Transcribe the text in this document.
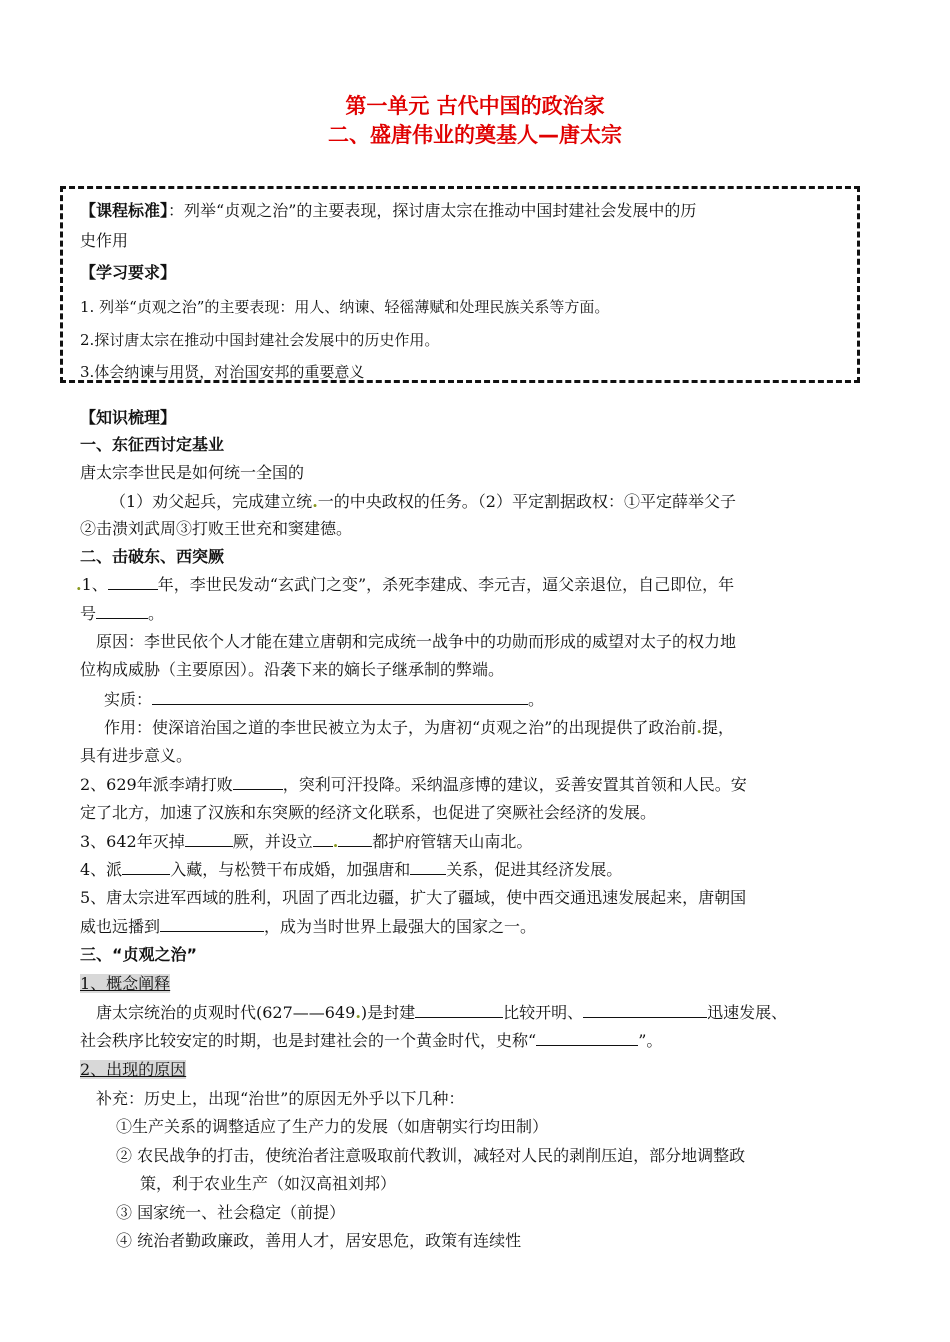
第一单元 古代中国的政治家
二、盛唐伟业的奠基人—唐太宗
【课程标准】：列举“贞观之治”的主要表现，探讨唐太宗在推动中国封建社会发展中的历
史作用
【学习要求】
1. 列举“贞观之治”的主要表现：用人、纳谏、轻徭薄赋和处理民族关系等方面。
2.探讨唐太宗在推动中国封建社会发展中的历史作用。
3.体会纳谏与用贤，对治国安邦的重要意义
【知识梳理】
一、东征西讨定基业
唐太宗李世民是如何统一全国的
（1）劝父起兵，完成建立统.一的中央政权的任务。（2）平定割据政权：①平定薛举父子
②击溃刘武周③打败王世充和窦建德。
二、击破东、西突厥
.1、	年，李世民发动“玄武门之变”，杀死李建成、李元吉，逼父亲退位，自己即位，年
号	。
原因：李世民依个人才能在建立唐朝和完成统一战争中的功勋而形成的威望对太子的权力地
位构成威胁（主要原因）。沿袭下来的嫡长子继承制的弊端。
实质：	。
作用：使深谙治国之道的李世民被立为太子，为唐初“贞观之治”的出现提供了政治前.提，
具有进步意义。
2、629年派李靖打败	，突利可汗投降。采纳温彦博的建议，妥善安置其首领和人民。安
定了北方，加速了汉族和东突厥的经济文化联系，也促进了突厥社会经济的发展。
3、642年灭掉	厥，并设立 . 都护府管辖天山南北。
4、派	入藏，与松赞干布成婚，加强唐和 关系，促进其经济发展。
5、唐太宗进军西域的胜利，巩固了西北边疆，扩大了疆域，使中西交通迅速发展起来，唐朝国
威也远播到	，成为当时世界上最强大的国家之一。
三、“贞观之治”
1、概念阐释
唐太宗统治的贞观时代(627——649.)是封建	比较开明、	迅速发展、
社会秩序比较安定的时期，也是封建社会的一个黄金时代，史称“	”。
2、出现的原因
补充：历史上，出现“治世”的原因无外乎以下几种：
①生产关系的调整适应了生产力的发展（如唐朝实行均田制）
② 农民战争的打击，使统治者注意吸取前代教训，减轻对人民的剥削压迫，部分地调整政
策，利于农业生产（如汉高祖刘邦）
③ 国家统一、社会稳定（前提）
④ 统治者勤政廉政，善用人才，居安思危，政策有连续性
